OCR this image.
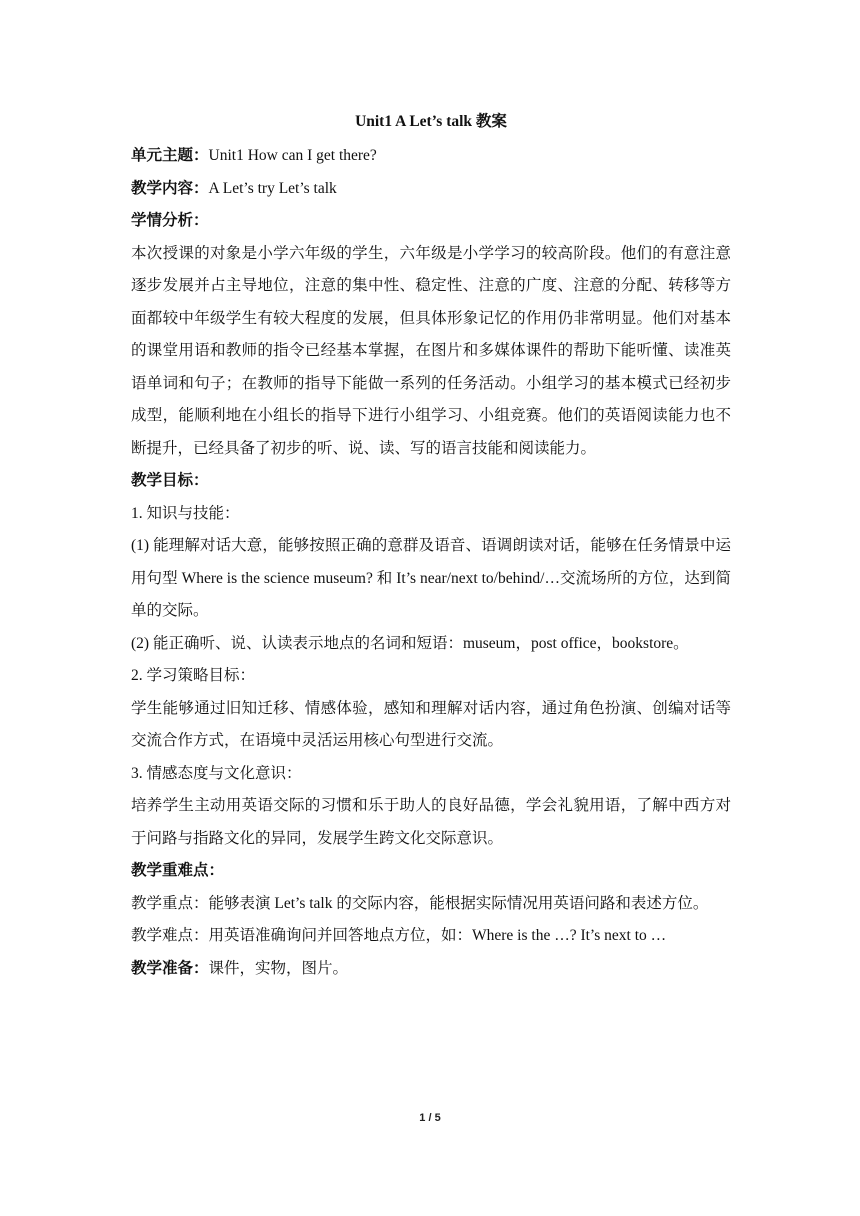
Unit1 A Let’s talk 教案

单元主题：Unit1 How can I get there?

教学内容：A Let’s try Let’s talk

学情分析：

本次授课的对象是小学六年级的学生，六年级是小学学习的较高阶段。他们的有意注意逐步发展并占主导地位，注意的集中性、稳定性、注意的广度、注意的分配、转移等方面都较中年级学生有较大程度的发展，但具体形象记忆的作用仍非常明显。他们对基本的课堂用语和教师的指令已经基本掌握，在图片和多媒体课件的帮助下能听懂、读准英语单词和句子；在教师的指导下能做一系列的任务活动。小组学习的基本模式已经初步成型，能顺利地在小组长的指导下进行小组学习、小组竞赛。他们的英语阅读能力也不断提升，已经具备了初步的听、说、读、写的语言技能和阅读能力。

教学目标：

1. 知识与技能：

(1) 能理解对话大意，能够按照正确的意群及语音、语调朗读对话，能够在任务情景中运用句型 Where is the science museum? 和 It’s near/next to/behind/…交流场所的方位，达到简单的交际。

(2) 能正确听、说、认读表示地点的名词和短语：museum，post office，bookstore。

2. 学习策略目标：

学生能够通过旧知迁移、情感体验，感知和理解对话内容，通过角色扮演、创编对话等交流合作方式，在语境中灵活运用核心句型进行交流。

3. 情感态度与文化意识：

培养学生主动用英语交际的习惯和乐于助人的良好品德，学会礼貌用语，了解中西方对于问路与指路文化的异同，发展学生跨文化交际意识。

教学重难点：

教学重点：能够表演 Let’s talk 的交际内容，能根据实际情况用英语问路和表述方位。

教学难点：用英语准确询问并回答地点方位，如：Where is the …? It’s next to …

教学准备：课件，实物，图片。

1 / 5
